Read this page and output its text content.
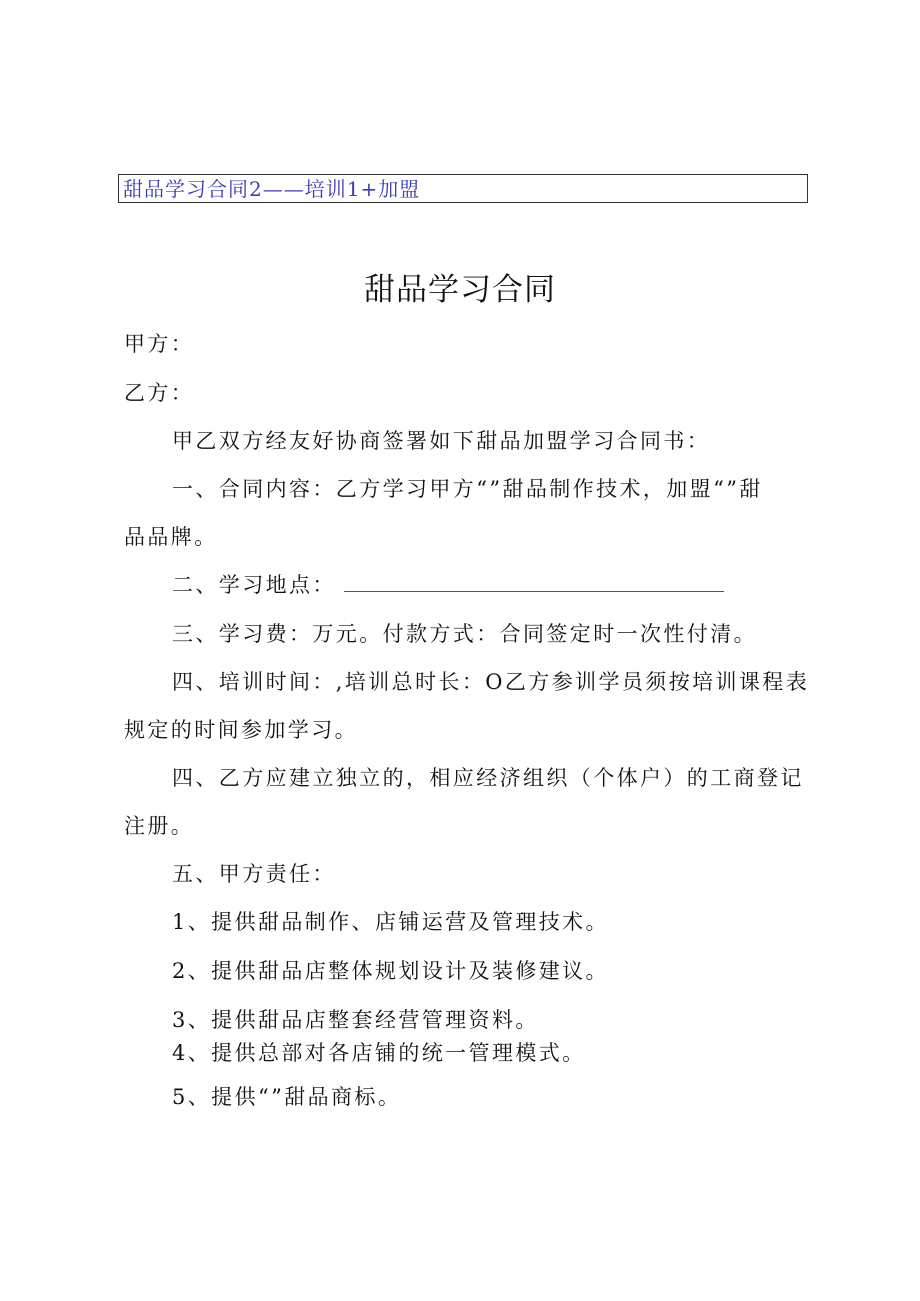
甜品学习合同2——培训1+加盟
甜品学习合同
甲方：
乙方：
甲乙双方经友好协商签署如下甜品加盟学习合同书：
一、合同内容：乙方学习甲方“”甜品制作技术，加盟“”甜
品品牌。
二、学习地点：
三、学习费：万元。付款方式：合同签定时一次性付清。
四、培训时间：,培训总时长：O乙方参训学员须按培训课程表
规定的时间参加学习。
四、乙方应建立独立的，相应经济组织（个体户）的工商登记
注册。
五、甲方责任：
1、提供甜品制作、店铺运营及管理技术。
2、提供甜品店整体规划设计及装修建议。
3、提供甜品店整套经营管理资料。
4、提供总部对各店铺的统一管理模式。
5、提供“”甜品商标。
